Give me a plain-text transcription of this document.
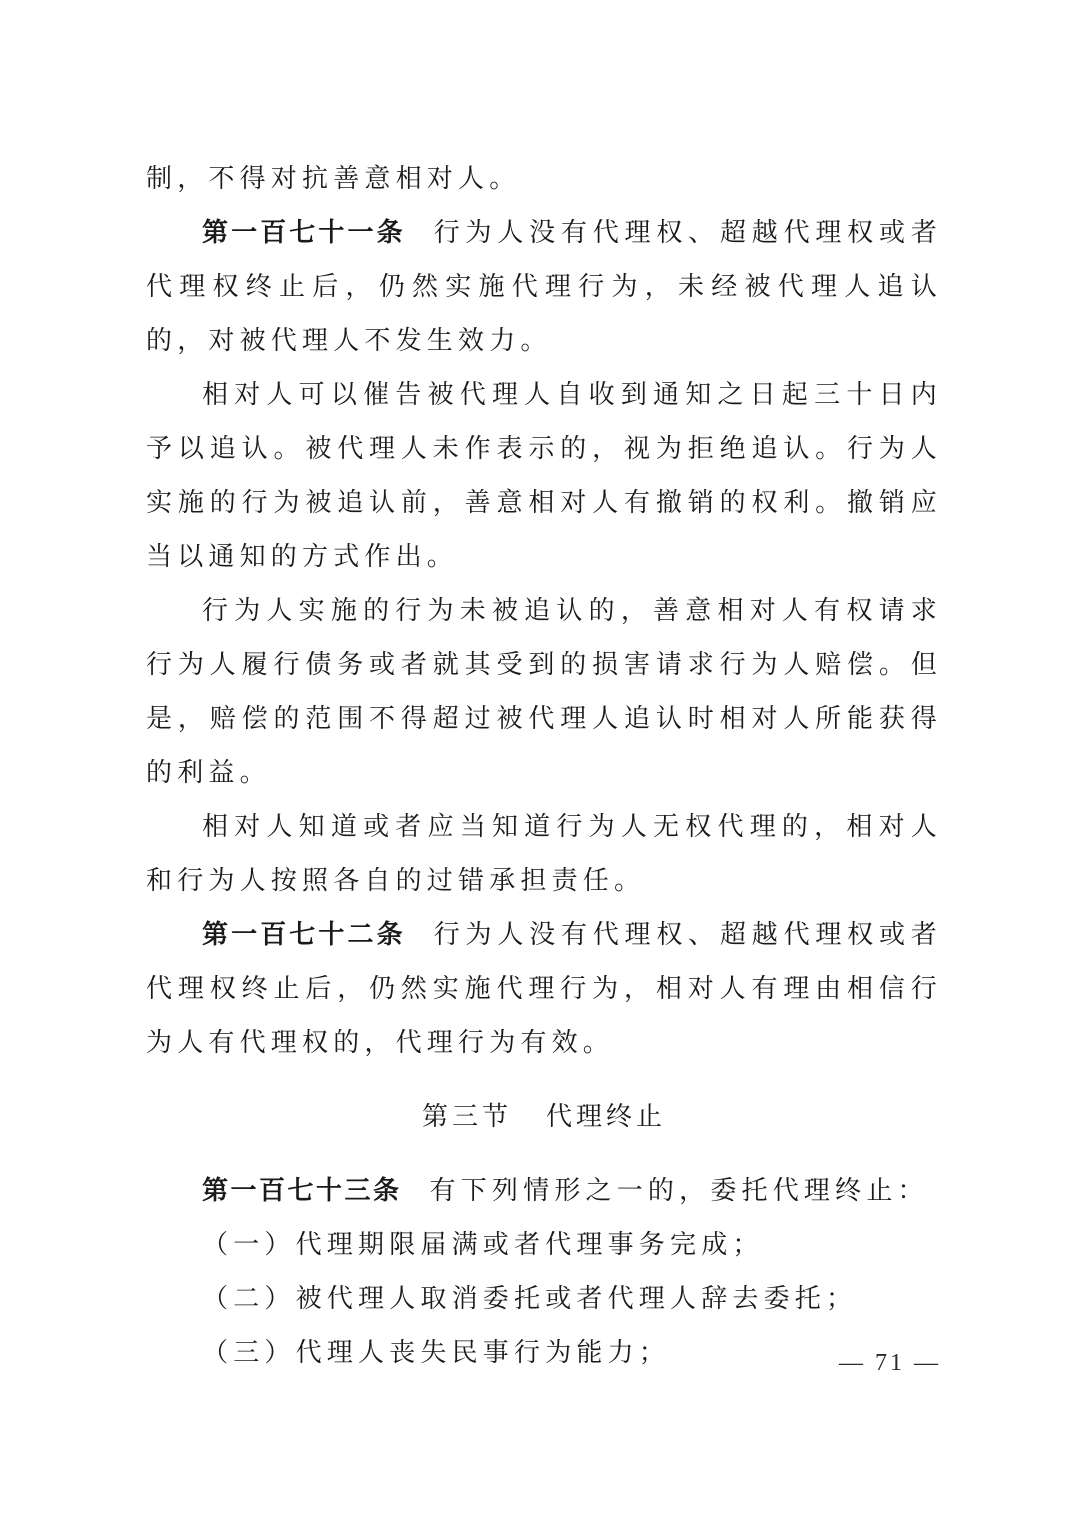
制，不得对抗善意相对人。

第一百七十一条 行为人没有代理权、超越代理权或者代理权终止后，仍然实施代理行为，未经被代理人追认的，对被代理人不发生效力。

相对人可以催告被代理人自收到通知之日起三十日内予以追认。被代理人未作表示的，视为拒绝追认。行为人实施的行为被追认前，善意相对人有撤销的权利。撤销应当以通知的方式作出。

行为人实施的行为未被追认的，善意相对人有权请求行为人履行债务或者就其受到的损害请求行为人赔偿。但是，赔偿的范围不得超过被代理人追认时相对人所能获得的利益。

相对人知道或者应当知道行为人无权代理的，相对人和行为人按照各自的过错承担责任。

第一百七十二条 行为人没有代理权、超越代理权或者代理权终止后，仍然实施代理行为，相对人有理由相信行为人有代理权的，代理行为有效。

第三节 代理终止

第一百七十三条 有下列情形之一的，委托代理终止：

（一）代理期限届满或者代理事务完成；

（二）被代理人取消委托或者代理人辞去委托；

（三）代理人丧失民事行为能力；	— 71 —
